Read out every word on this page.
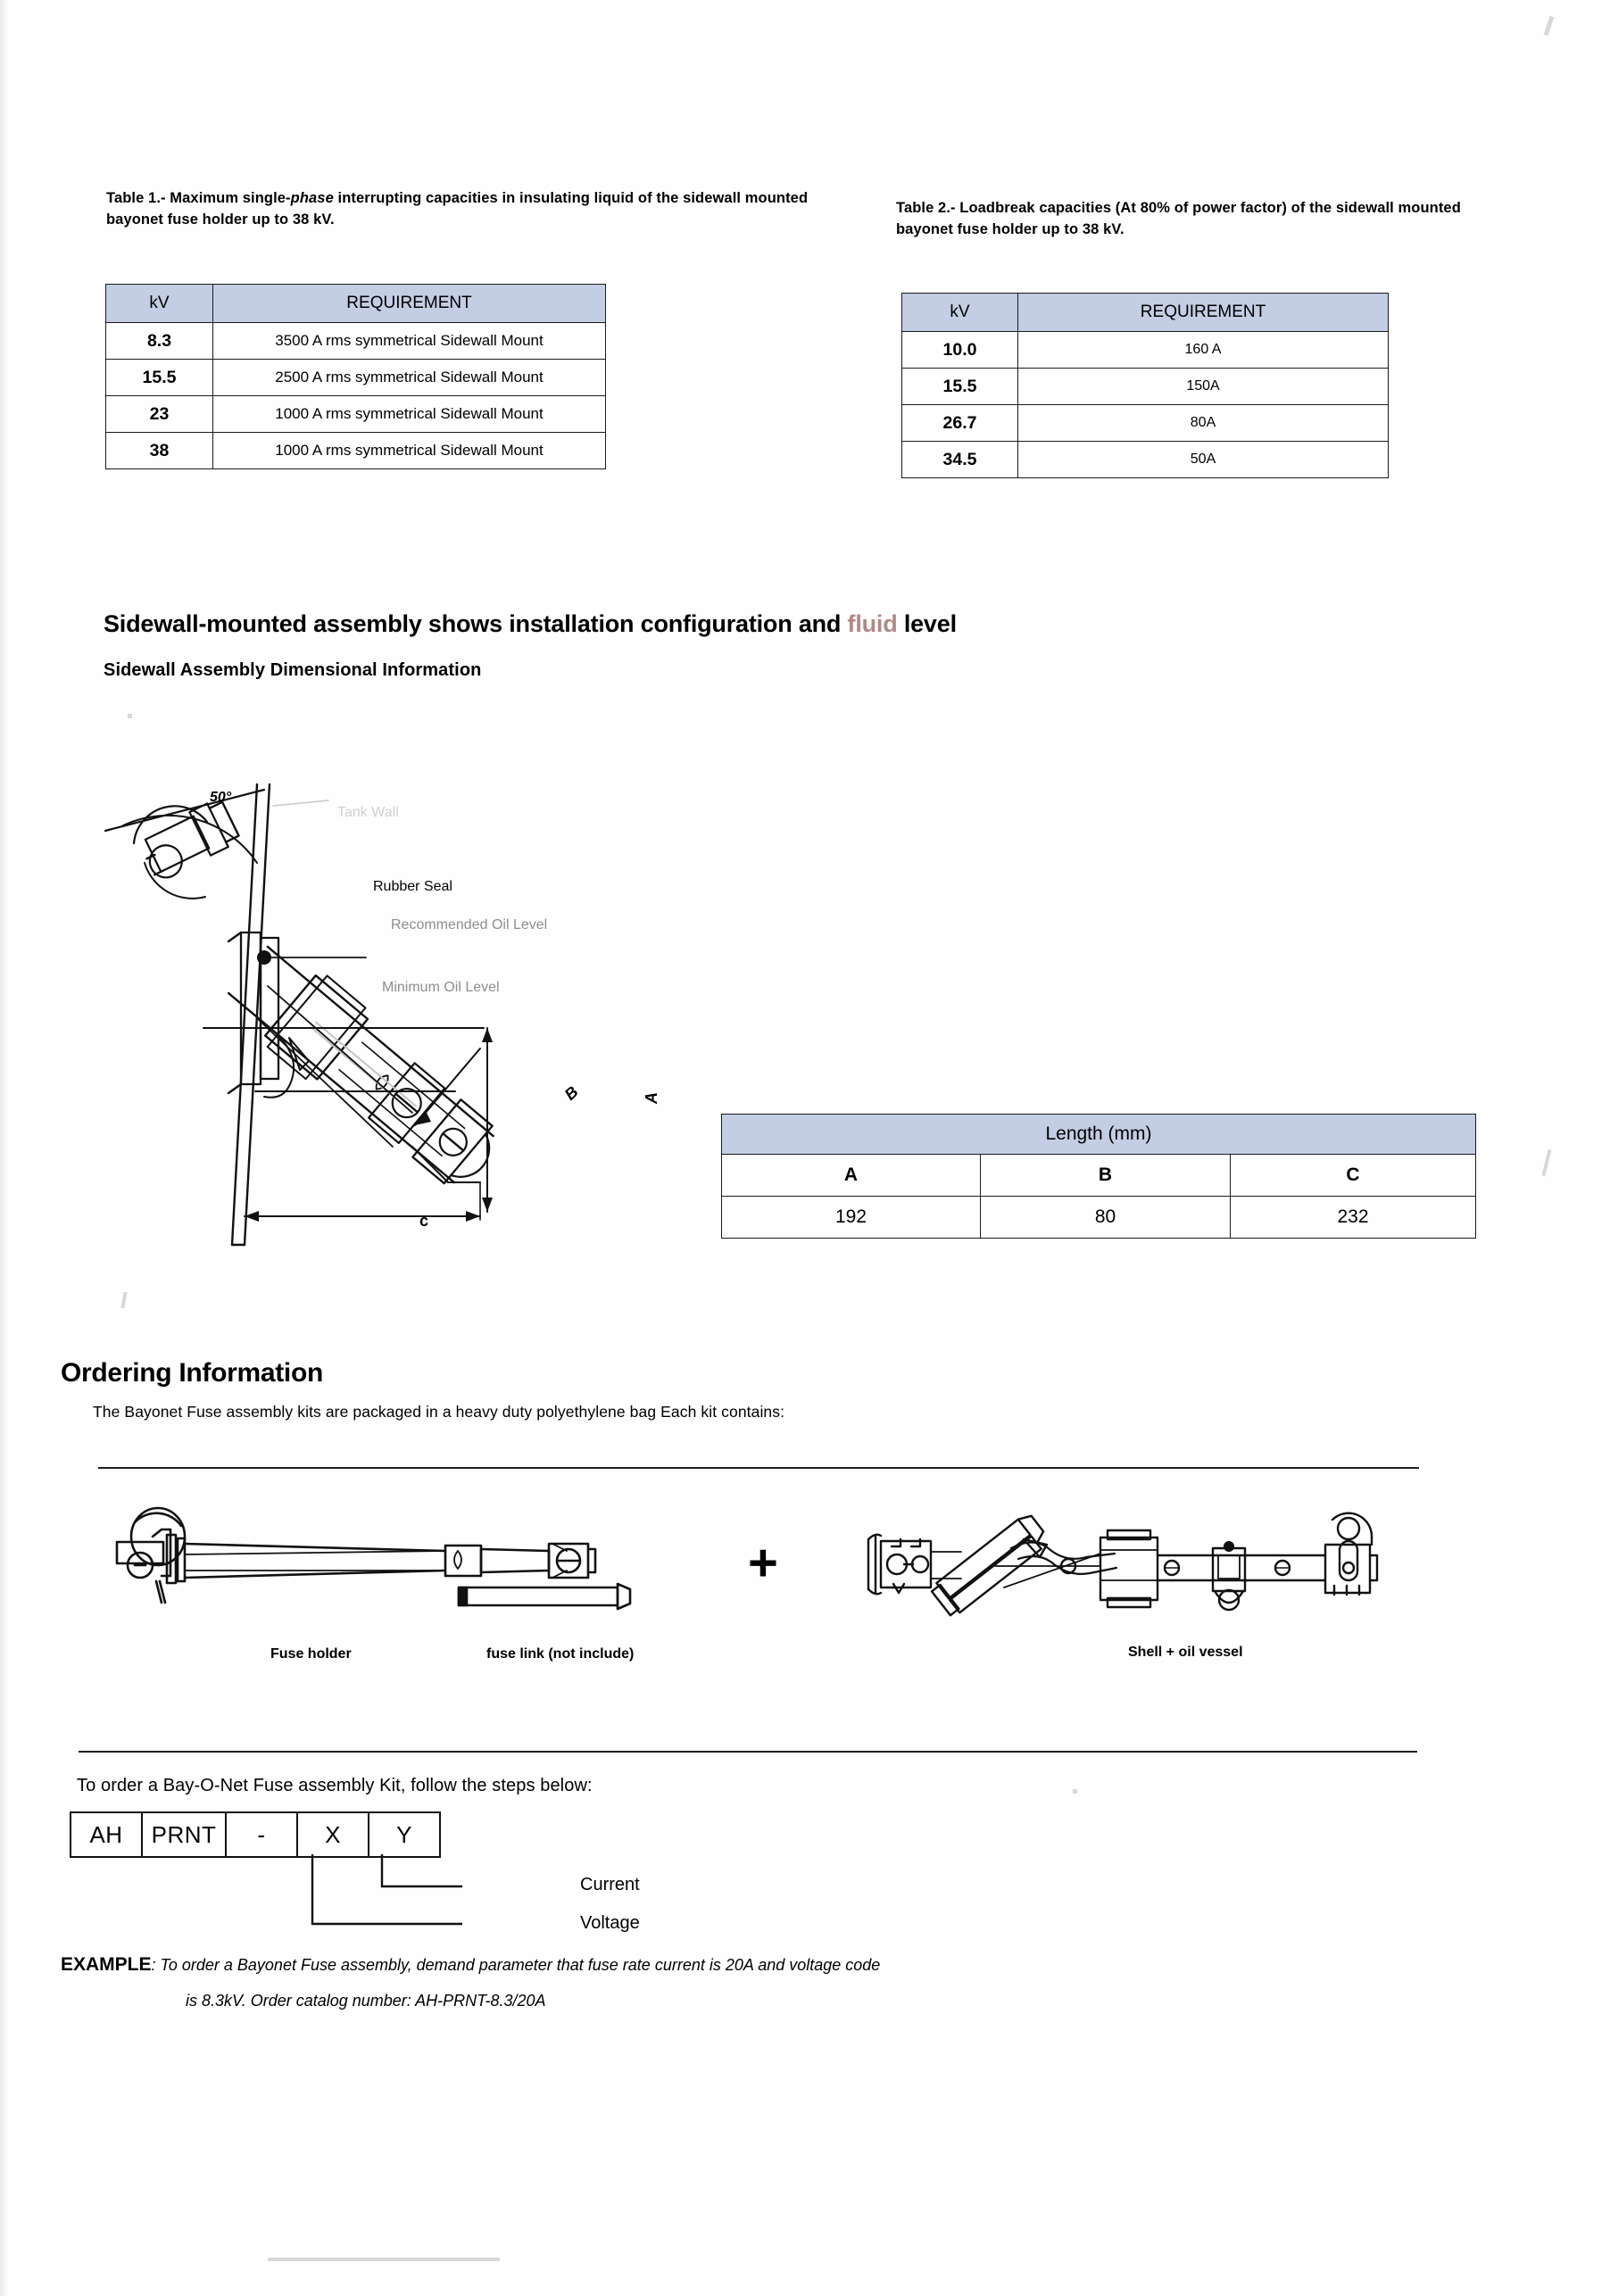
Table 1.- Maximum single-phase interrupting capacities in insulating liquid of the sidewall mounted bayonet fuse holder up to 38 kV.
kV	REQUIREMENT
8.3	3500 A rms symmetrical Sidewall Mount
15.5	2500 A rms symmetrical Sidewall Mount
23	1000 A rms symmetrical Sidewall Mount
38	1000 A rms symmetrical Sidewall Mount
Table 2.- Loadbreak capacities (At 80% of power factor) of the sidewall mounted bayonet fuse holder up to 38 kV.
kV	REQUIREMENT
10.0	160 A
15.5	150A
26.7	80A
34.5	50A
Sidewall-mounted assembly shows installation configuration and fluid level
Sidewall Assembly Dimensional Information
50°
Tank Wall
Rubber Seal
Recommended Oil Level
Minimum Oil Level
A
B
c
Length (mm)		
A	B	C
192	80	232
Ordering Information
The Bayonet Fuse assembly kits are packaged in a heavy duty polyethylene bag Each kit contains:
Fuse holder	fuse link (not include)
+
Shell + oil vessel
To order a Bay-O-Net Fuse assembly Kit, follow the steps below:
AH	PRNT	-	X	Y
Current
Voltage
EXAMPLE: To order a Bayonet Fuse assembly, demand parameter that fuse rate current is 20A and voltage code
is 8.3kV. Order catalog number: AH-PRNT-8.3/20A
